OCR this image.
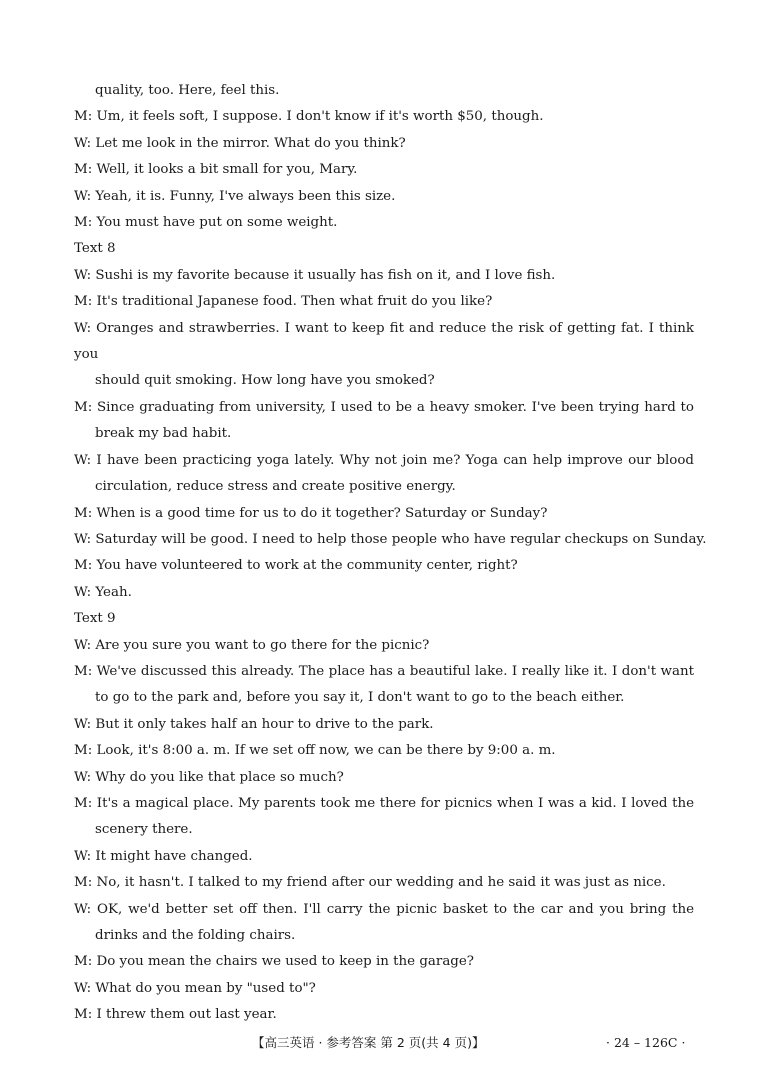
quality, too. Here, feel this.

M: Um, it feels soft, I suppose. I don't know if it's worth $50, though.

W: Let me look in the mirror. What do you think?

M: Well, it looks a bit small for you, Mary.

W: Yeah, it is. Funny, I've always been this size.

M: You must have put on some weight.

Text 8

W: Sushi is my favorite because it usually has fish on it, and I love fish.

M: It's traditional Japanese food. Then what fruit do you like?

W: Oranges and strawberries. I want to keep fit and reduce the risk of getting fat. I think you

should quit smoking. How long have you smoked?

M: Since graduating from university, I used to be a heavy smoker. I've been trying hard to

break my bad habit.

W: I have been practicing yoga lately. Why not join me? Yoga can help improve our blood

circulation, reduce stress and create positive energy.

M: When is a good time for us to do it together? Saturday or Sunday?

W: Saturday will be good. I need to help those people who have regular checkups on Sunday.

M: You have volunteered to work at the community center, right?

W: Yeah.

Text 9

W: Are you sure you want to go there for the picnic?

M: We've discussed this already. The place has a beautiful lake. I really like it. I don't want

to go to the park and, before you say it, I don't want to go to the beach either.

W: But it only takes half an hour to drive to the park.

M: Look, it's 8:00 a. m. If we set off now, we can be there by 9:00 a. m.

W: Why do you like that place so much?

M: It's a magical place. My parents took me there for picnics when I was a kid. I loved the

scenery there.

W: It might have changed.

M: No, it hasn't. I talked to my friend after our wedding and he said it was just as nice.

W: OK, we'd better set off then. I'll carry the picnic basket to the car and you bring the

drinks and the folding chairs.

M: Do you mean the chairs we used to keep in the garage?

W: What do you mean by "used to"?

M: I threw them out last year.

【高三英语 · 参考答案 第 2 页(共 4 页)】	· 24 – 126C ·
